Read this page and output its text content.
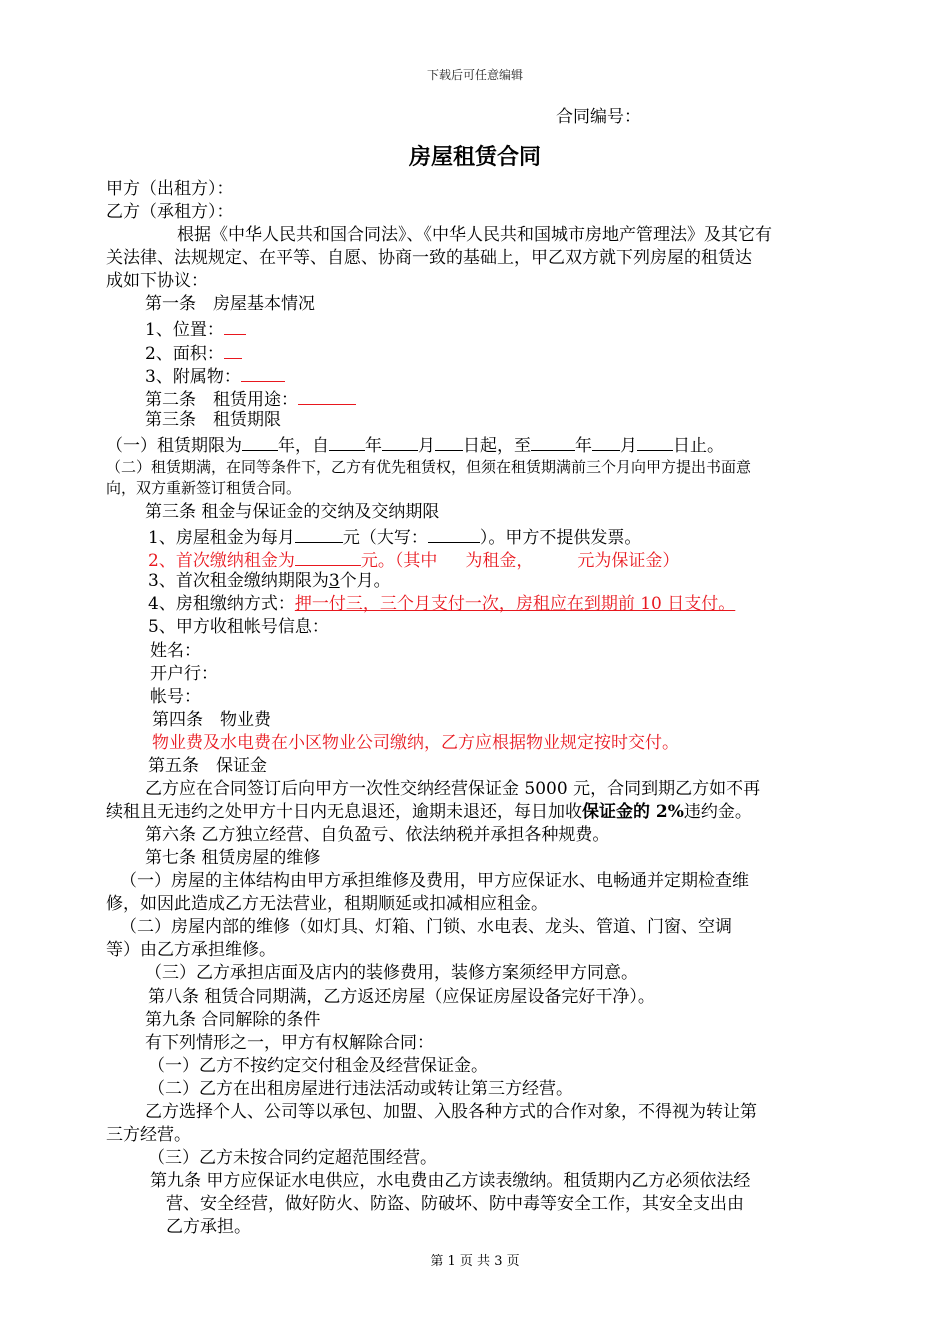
下载后可任意编辑
合同编号：
房屋租赁合同
甲方（出租方）：
乙方（承租方）：
根据《中华人民共和国合同法》、《中华人民共和国城市房地产管理法》及其它有
关法律、法规规定、在平等、自愿、协商一致的基础上，甲乙双方就下列房屋的租赁达
成如下协议：
第一条　房屋基本情况
1、位置：
2、面积：
3、附属物：
第二条　租赁用途：
第三条　租赁期限
（一）租赁期限为 年，自 年 月 日起，至	年 月 日止。
（二）租赁期满，在同等条件下，乙方有优先租赁权，但须在租赁期满前三个月向甲方提出书面意
向，双方重新签订租赁合同。
第三条 租金与保证金的交纳及交纳期限
1、房屋租金为每月	元（大写：	）。甲方不提供发票。
2、首次缴纳租金为	元。（其中 为租金，	元为保证金）
3、首次租金缴纳期限为3个月。
4、房租缴纳方式：押一付三，三个月支付一次，房租应在到期前 10 日支付。
5、甲方收租帐号信息：
姓名：
开户行：
帐号：
第四条　物业费
物业费及水电费在小区物业公司缴纳，乙方应根据物业规定按时交付。
第五条　保证金
乙方应在合同签订后向甲方一次性交纳经营保证金 5000 元，合同到期乙方如不再
续租且无违约之处甲方十日内无息退还，逾期未退还，每日加收保证金的 2%违约金。
第六条 乙方独立经营、自负盈亏、依法纳税并承担各种规费。
第七条 租赁房屋的维修
（一）房屋的主体结构由甲方承担维修及费用，甲方应保证水、电畅通并定期检查维
修，如因此造成乙方无法营业，租期顺延或扣减相应租金。
（二）房屋内部的维修（如灯具、灯箱、门锁、水电表、龙头、管道、门窗、空调
等）由乙方承担维修。
（三）乙方承担店面及店内的装修费用，装修方案须经甲方同意。
第八条 租赁合同期满，乙方返还房屋（应保证房屋设备完好干净）。
第九条 合同解除的条件
有下列情形之一，甲方有权解除合同：
（一）乙方不按约定交付租金及经营保证金。
（二）乙方在出租房屋进行违法活动或转让第三方经营。
乙方选择个人、公司等以承包、加盟、入股各种方式的合作对象，不得视为转让第
三方经营。
（三）乙方未按合同约定超范围经营。
第九条 甲方应保证水电供应，水电费由乙方读表缴纳。租赁期内乙方必须依法经
营、安全经营，做好防火、防盗、防破坏、防中毒等安全工作，其安全支出由
乙方承担。
第 1 页 共 3 页
